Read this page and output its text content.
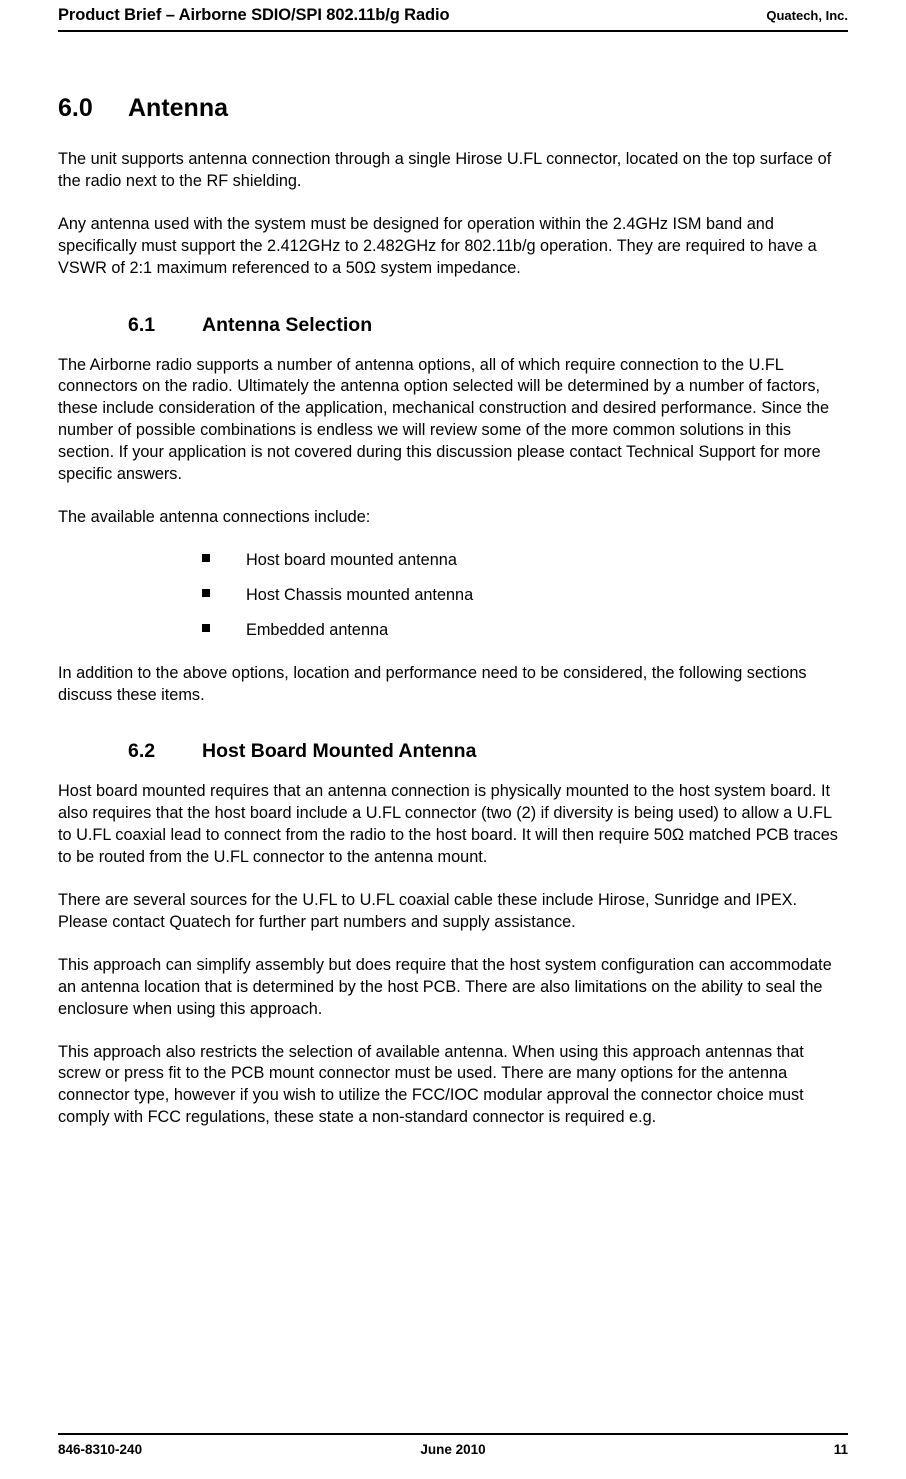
Product Brief – Airborne SDIO/SPI 802.11b/g Radio	Quatech, Inc.
6.0	Antenna

The unit supports antenna connection through a single Hirose U.FL connector, located on the top surface of the radio next to the RF shielding.

Any antenna used with the system must be designed for operation within the 2.4GHz ISM band and specifically must support the 2.412GHz to 2.482GHz for 802.11b/g operation. They are required to have a VSWR of 2:1 maximum referenced to a 50Ω system impedance.

6.1	Antenna Selection

The Airborne radio supports a number of antenna options, all of which require connection to the U.FL connectors on the radio. Ultimately the antenna option selected will be determined by a number of factors, these include consideration of the application, mechanical construction and desired performance. Since the number of possible combinations is endless we will review some of the more common solutions in this section. If your application is not covered during this discussion please contact Technical Support for more specific answers.

The available antenna connections include:

Host board mounted antenna
Host Chassis mounted antenna
Embedded antenna

In addition to the above options, location and performance need to be considered, the following sections discuss these items.

6.2	Host Board Mounted Antenna

Host board mounted requires that an antenna connection is physically mounted to the host system board. It also requires that the host board include a U.FL connector (two (2) if diversity is being used) to allow a U.FL to U.FL coaxial lead to connect from the radio to the host board. It will then require 50Ω matched PCB traces to be routed from the U.FL connector to the antenna mount.

There are several sources for the U.FL to U.FL coaxial cable these include Hirose, Sunridge and IPEX. Please contact Quatech for further part numbers and supply assistance.

This approach can simplify assembly but does require that the host system configuration can accommodate an antenna location that is determined by the host PCB. There are also limitations on the ability to seal the enclosure when using this approach.

This approach also restricts the selection of available antenna. When using this approach antennas that screw or press fit to the PCB mount connector must be used. There are many options for the antenna connector type, however if you wish to utilize the FCC/IOC modular approval the connector choice must comply with FCC regulations, these state a non-standard connector is required e.g.

June 2010
846-8310-240	11
